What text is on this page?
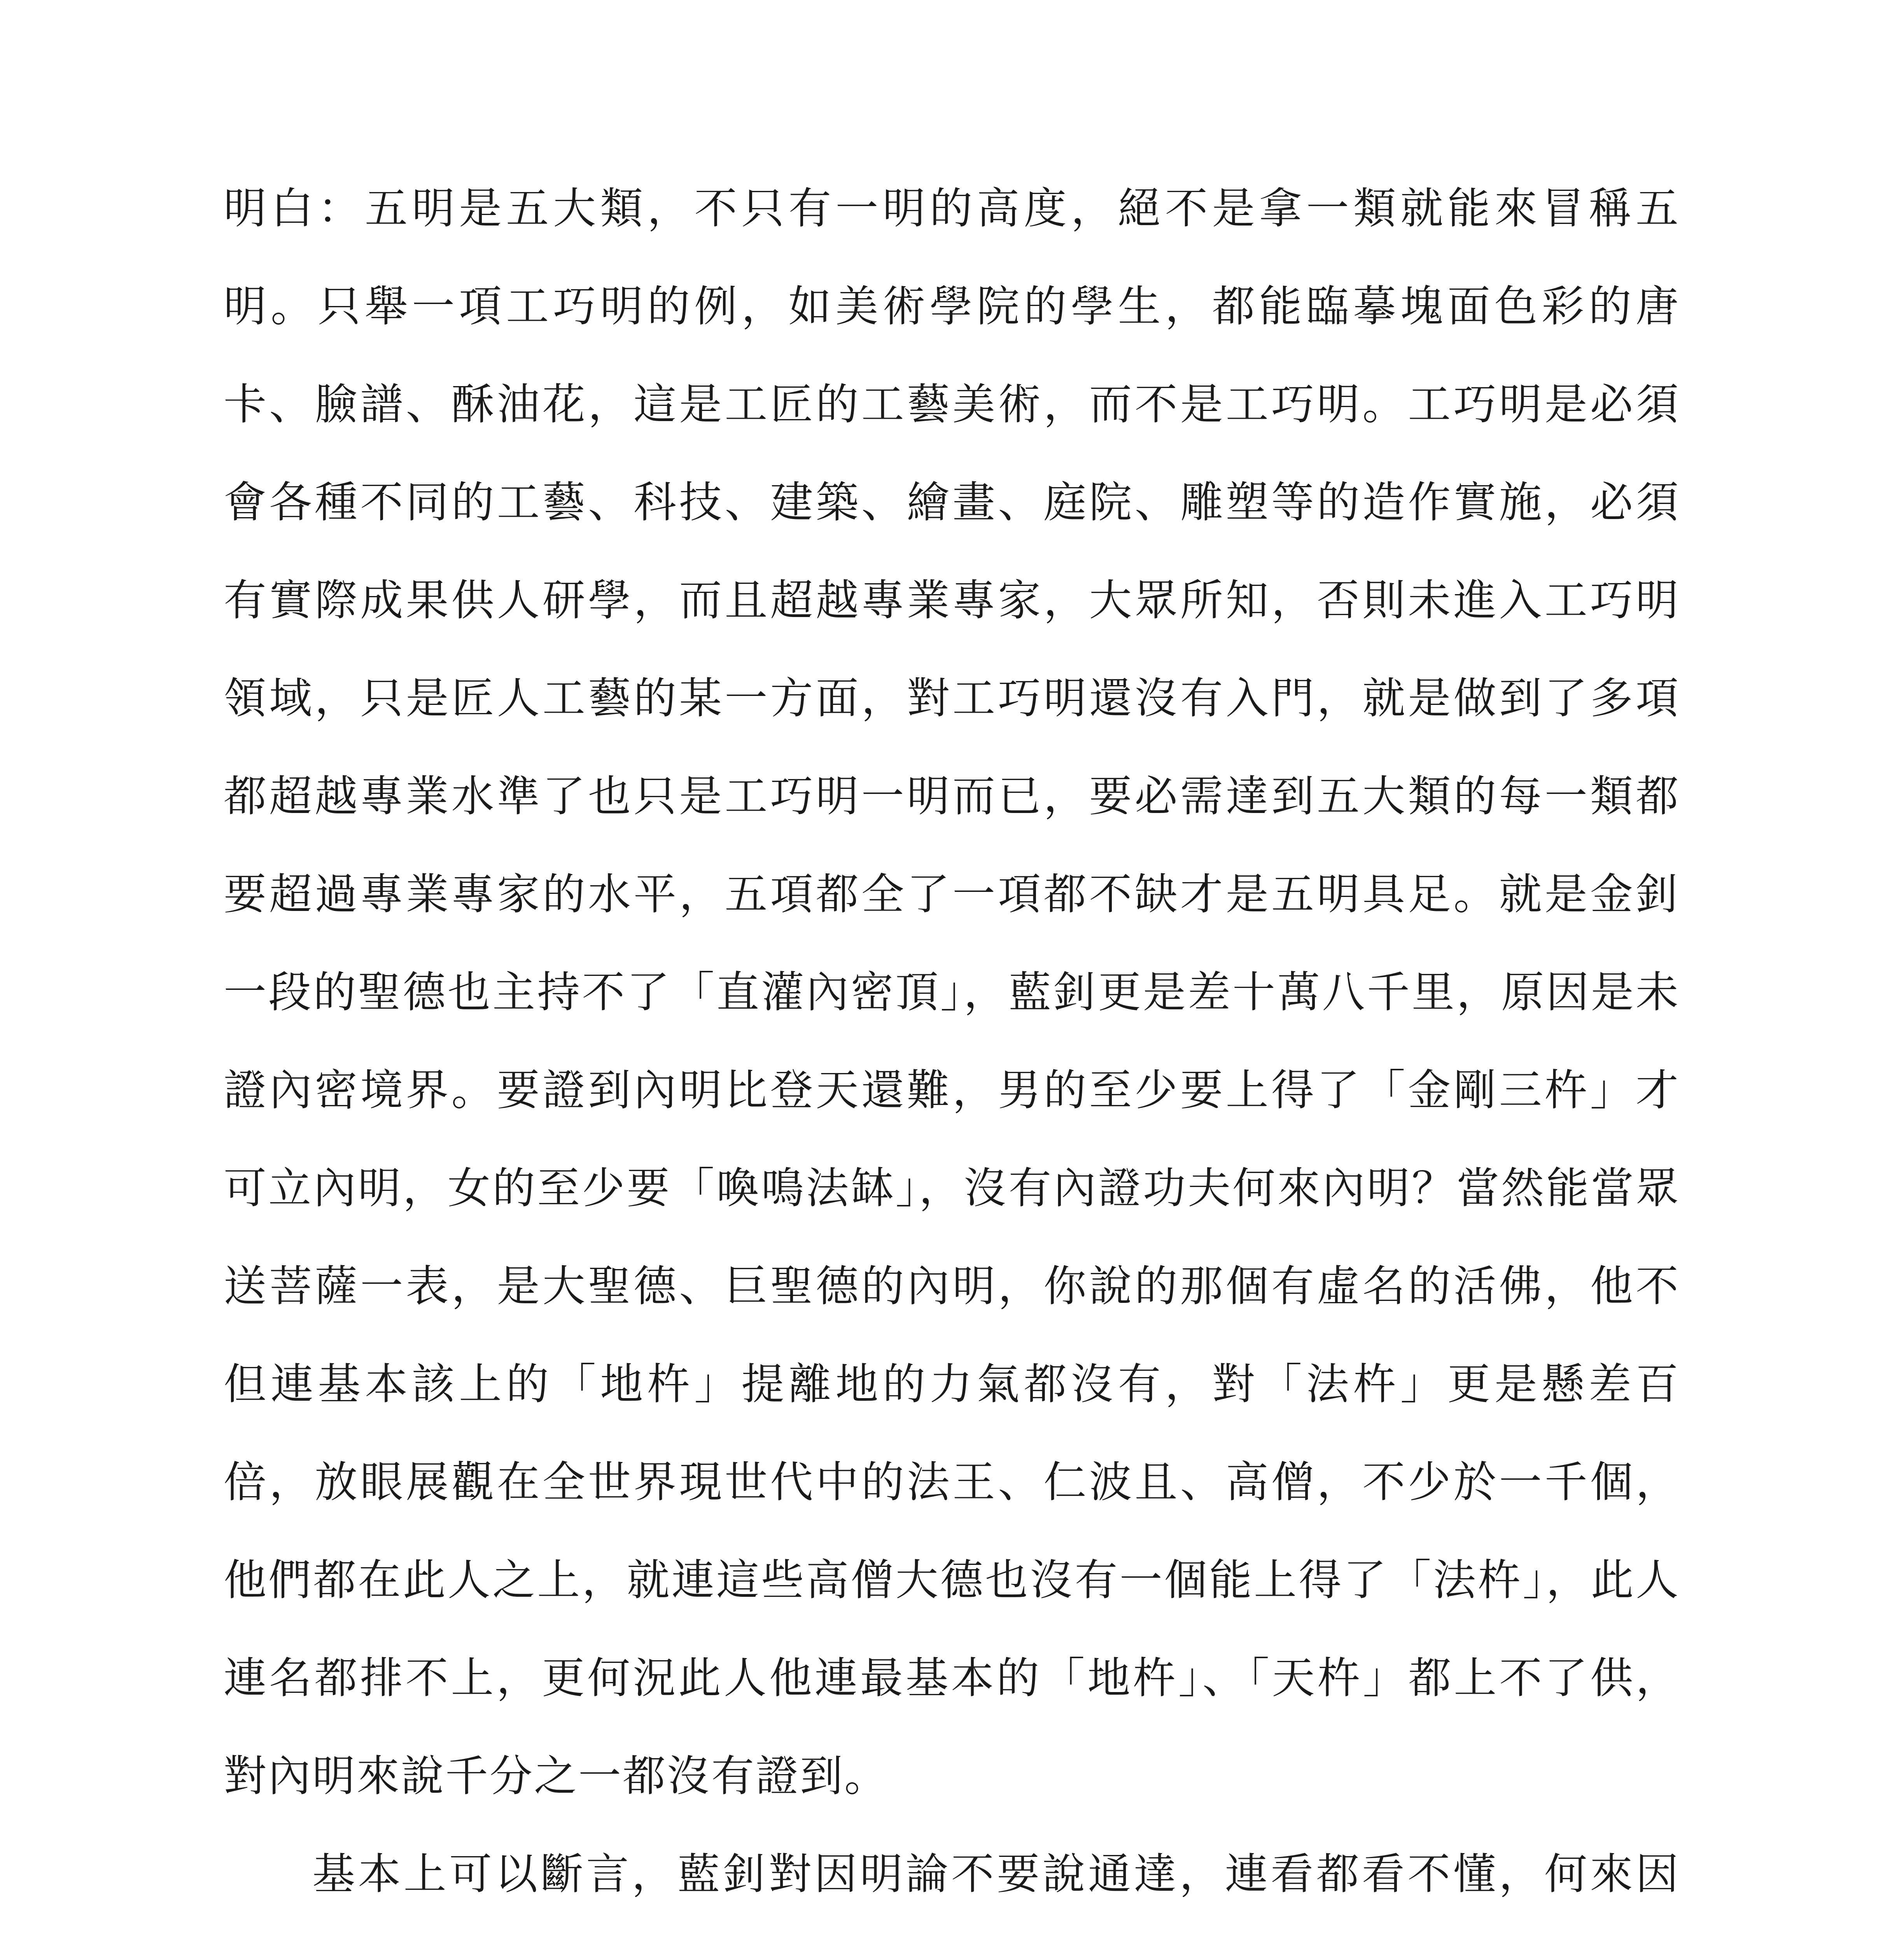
明白：五明是五大類，不只有一明的高度，絕不是拿一類就能來冒稱五明。只舉一項工巧明的例，如美術學院的學生，都能臨摹塊面色彩的唐卡、臉譜、酥油花，這是工匠的工藝美術，而不是工巧明。工巧明是必須會各種不同的工藝、科技、建築、繪畫、庭院、雕塑等的造作實施，必須有實際成果供人研學，而且超越專業專家，大眾所知，否則未進入工巧明領域，只是匠人工藝的某一方面，對工巧明還沒有入門，就是做到了多項都超越專業水準了也只是工巧明一明而已，要必需達到五大類的每一類都要超過專業專家的水平，五項都全了一項都不缺才是五明具足。就是金釗一段的聖德也主持不了「直灌內密頂」，藍釗更是差十萬八千里，原因是未證內密境界。要證到內明比登天還難，男的至少要上得了「金剛三杵」才可立內明，女的至少要「喚鳴法缽」，沒有內證功夫何來內明？當然能當眾送菩薩一表，是大聖德、巨聖德的內明，你說的那個有虛名的活佛，他不但連基本該上的「地杵」提離地的力氣都沒有，對「法杵」更是懸差百倍，放眼展觀在全世界現世代中的法王、仁波且、高僧，不少於一千個，他們都在此人之上，就連這些高僧大德也沒有一個能上得了「法杵」，此人連名都排不上，更何況此人他連最基本的「地杵」、「天杵」都上不了供，對內明來說千分之一都沒有證到。

基本上可以斷言，藍釗對因明論不要說通達，連看都看不懂，何來因
